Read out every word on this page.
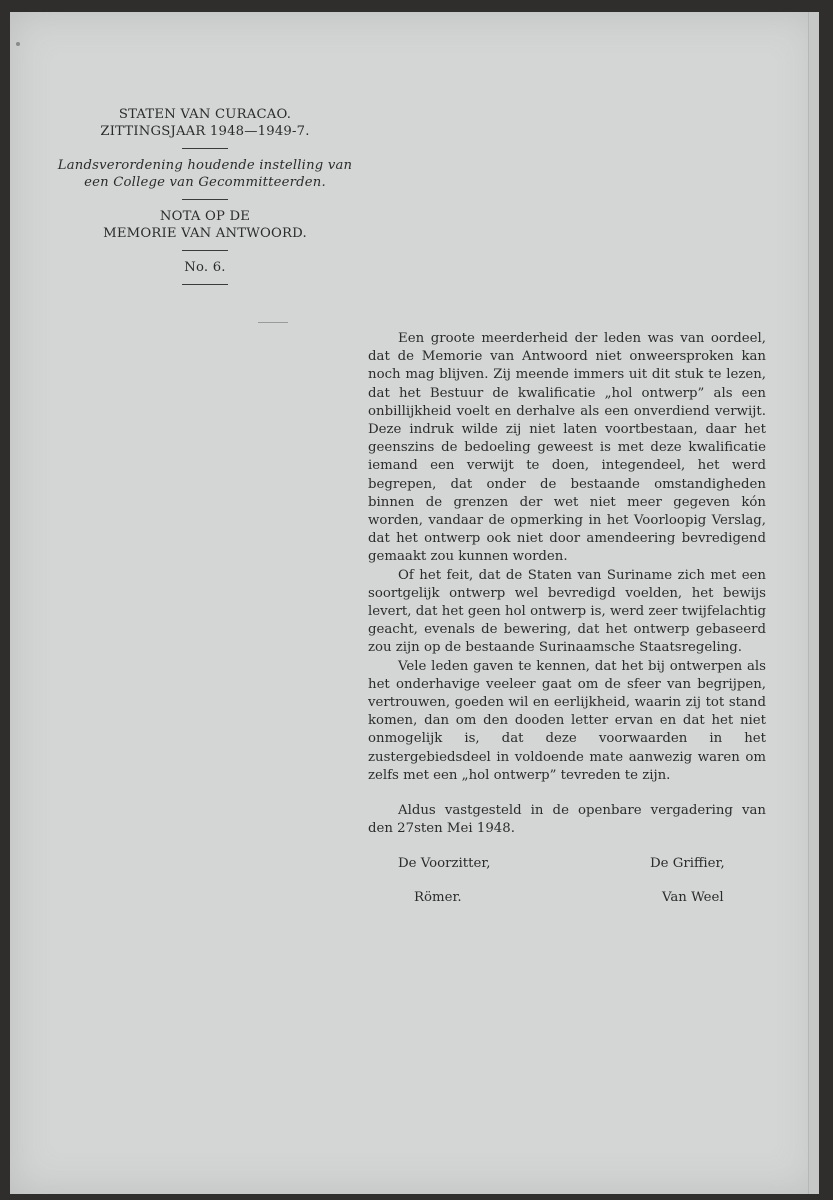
STATEN VAN CURACAO.
ZITTINGSJAAR 1948—1949-7.
Landsverordening houdende instelling van
een College van Gecommitteerden.
NOTA OP DE
MEMORIE VAN ANTWOORD.
No. 6.

Een groote meerderheid der leden was van oordeel, dat de Memorie van Antwoord niet onweersproken kan noch mag blijven. Zij meende immers uit dit stuk te lezen, dat het Bestuur de kwalificatie „hol ontwerp” als een onbillijkheid voelt en derhalve als een onverdiend verwijt. Deze indruk wilde zij niet laten voortbestaan, daar het geenszins de bedoeling geweest is met deze kwalificatie iemand een verwijt te doen, integendeel, het werd begrepen, dat onder de bestaande omstandigheden binnen de grenzen der wet niet meer gegeven kón worden, vandaar de opmerking in het Voorloopig Verslag, dat het ontwerp ook niet door amendeering bevredigend gemaakt zou kunnen worden.

Of het feit, dat de Staten van Suriname zich met een soortgelijk ontwerp wel bevredigd voelden, het bewijs levert, dat het geen hol ontwerp is, werd zeer twijfelachtig geacht, evenals de bewering, dat het ontwerp gebaseerd zou zijn op de bestaande Surinaamsche Staatsregeling.

Vele leden gaven te kennen, dat het bij ontwerpen als het onderhavige veeleer gaat om de sfeer van begrijpen, vertrouwen, goeden wil en eerlijkheid, waarin zij tot stand komen, dan om den dooden letter ervan en dat het niet onmogelijk is, dat deze voorwaarden in het zustergebiedsdeel in voldoende mate aanwezig waren om zelfs met een „hol ontwerp” tevreden te zijn.

Aldus vastgesteld in de openbare vergadering van den 27sten Mei 1948.
De Voorzitter,	De Griffier,
Römer.	Van Weel
